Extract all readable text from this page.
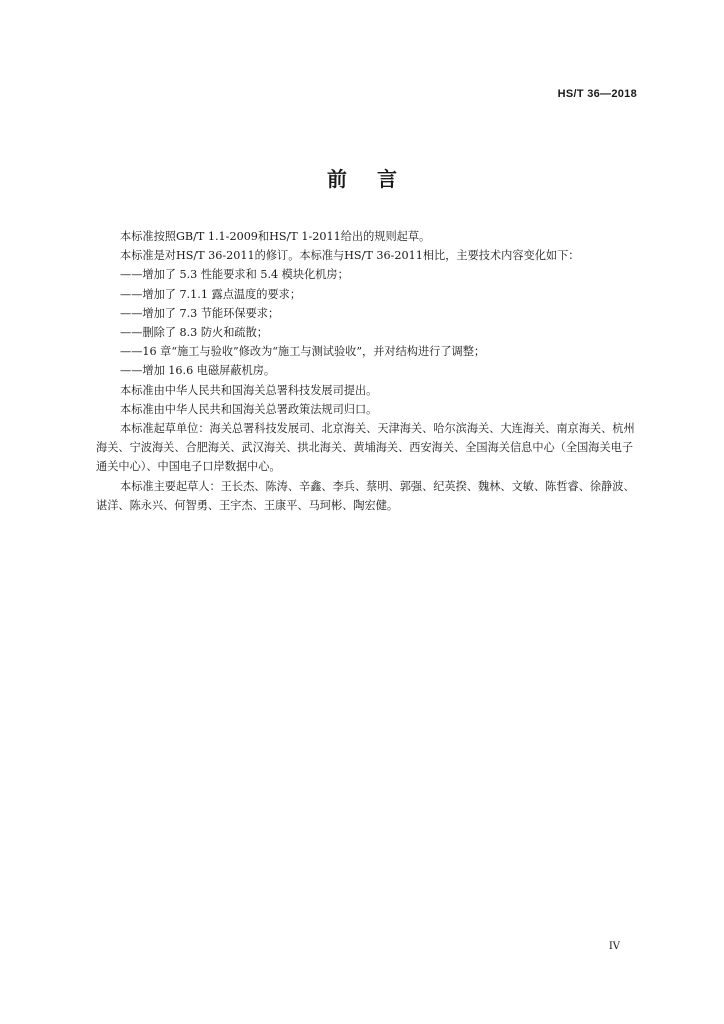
HS/T 36—2018
前 言

本标准按照GB/T 1.1-2009和HS/T 1-2011给出的规则起草。

本标准是对HS/T 36-2011的修订。本标准与HS/T 36-2011相比，主要技术内容变化如下：

——增加了 5.3 性能要求和 5.4 模块化机房；

——增加了 7.1.1 露点温度的要求；

——增加了 7.3 节能环保要求；

——删除了 8.3 防火和疏散；

——16 章“施工与验收”修改为“施工与测试验收”，并对结构进行了调整；

——增加 16.6 电磁屏蔽机房。

本标准由中华人民共和国海关总署科技发展司提出。

本标准由中华人民共和国海关总署政策法规司归口。

本标准起草单位：海关总署科技发展司、北京海关、天津海关、哈尔滨海关、大连海关、南京海关、杭州海关、宁波海关、合肥海关、武汉海关、拱北海关、黄埔海关、西安海关、全国海关信息中心（全国海关电子通关中心）、中国电子口岸数据中心。

本标准主要起草人：王长杰、陈涛、辛鑫、李兵、蔡明、郭强、纪英揆、魏林、文敏、陈哲睿、徐静波、谌洋、陈永兴、何智勇、王宇杰、王康平、马珂彬、陶宏健。

IV
